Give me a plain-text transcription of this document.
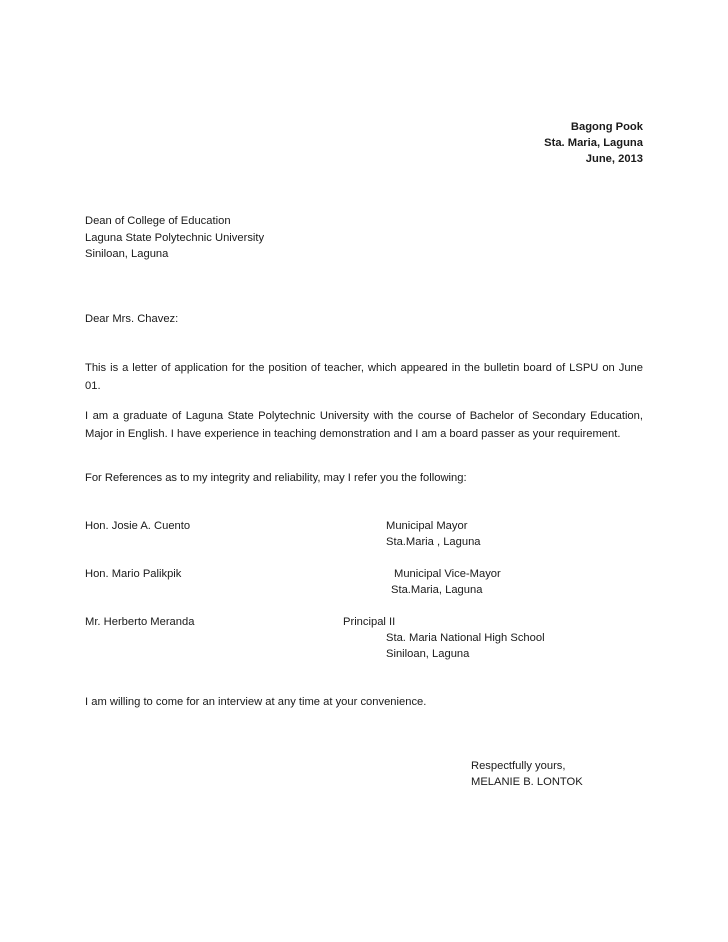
Bagong Pook
Sta. Maria, Laguna
June, 2013
Dean of College of Education
Laguna State Polytechnic University
Siniloan, Laguna
Dear Mrs. Chavez:
This is a letter of application for the position of teacher, which appeared in the bulletin board of LSPU on June 01.
I am a graduate of Laguna State Polytechnic University with the course of Bachelor of Secondary Education, Major in English. I have experience in teaching demonstration and I am a board passer as your requirement.
For References as to my integrity and reliability, may I refer you the following:
Hon. Josie A. Cuento	Municipal Mayor
Sta.Maria , Laguna
Hon. Mario Palikpik	Municipal Vice-Mayor
Sta.Maria, Laguna
Mr. Herberto Meranda	Principal II
Sta. Maria National High School
Siniloan, Laguna
I am willing to come for an interview at any time at your convenience.
Respectfully yours,
MELANIE B. LONTOK
